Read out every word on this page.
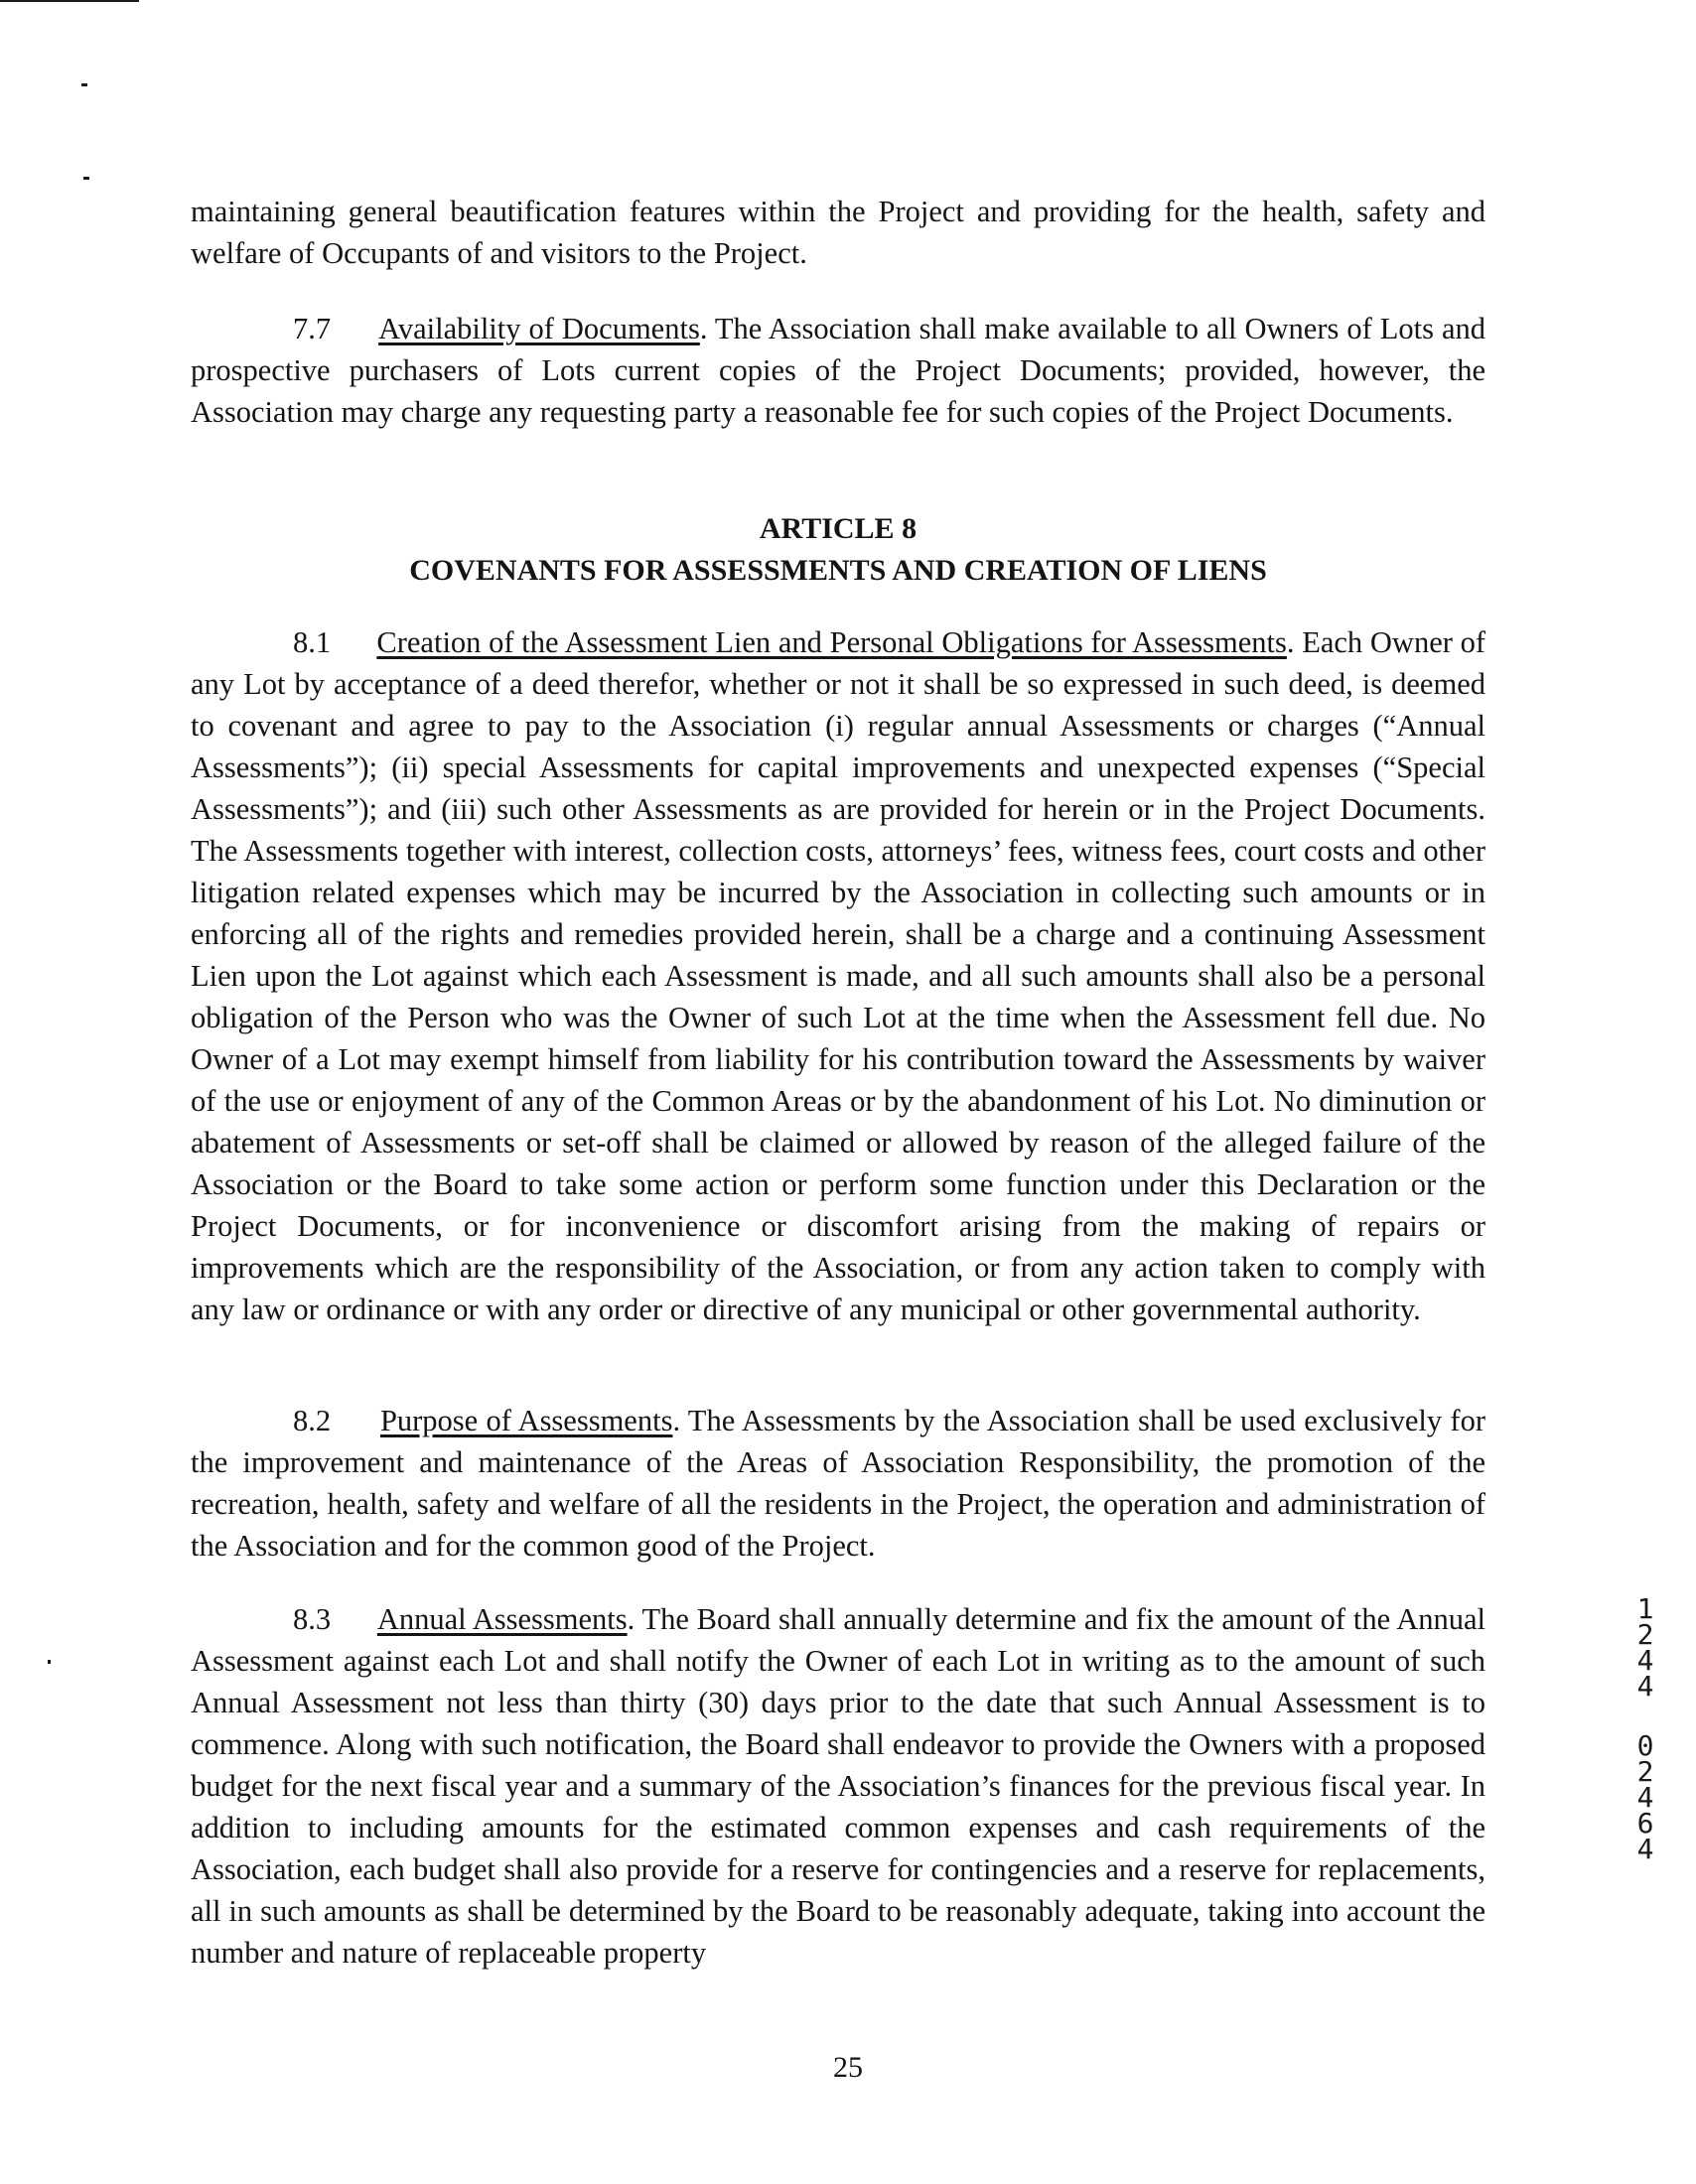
maintaining general beautification features within the Project and providing for the health, safety and welfare of Occupants of and visitors to the Project.
7.7 Availability of Documents. The Association shall make available to all Owners of Lots and prospective purchasers of Lots current copies of the Project Documents; provided, however, the Association may charge any requesting party a reasonable fee for such copies of the Project Documents.
ARTICLE 8
COVENANTS FOR ASSESSMENTS AND CREATION OF LIENS
8.1 Creation of the Assessment Lien and Personal Obligations for Assessments. Each Owner of any Lot by acceptance of a deed therefor, whether or not it shall be so expressed in such deed, is deemed to covenant and agree to pay to the Association (i) regular annual Assessments or charges (“Annual Assessments”); (ii) special Assessments for capital improvements and unexpected expenses (“Special Assessments”); and (iii) such other Assessments as are provided for herein or in the Project Documents. The Assessments together with interest, collection costs, attorneys’ fees, witness fees, court costs and other litigation related expenses which may be incurred by the Association in collecting such amounts or in enforcing all of the rights and remedies provided herein, shall be a charge and a continuing Assessment Lien upon the Lot against which each Assessment is made, and all such amounts shall also be a personal obligation of the Person who was the Owner of such Lot at the time when the Assessment fell due. No Owner of a Lot may exempt himself from liability for his contribution toward the Assessments by waiver of the use or enjoyment of any of the Common Areas or by the abandonment of his Lot. No diminution or abatement of Assessments or set-off shall be claimed or allowed by reason of the alleged failure of the Association or the Board to take some action or perform some function under this Declaration or the Project Documents, or for inconvenience or discomfort arising from the making of repairs or improvements which are the responsibility of the Association, or from any action taken to comply with any law or ordinance or with any order or directive of any municipal or other governmental authority.
8.2 Purpose of Assessments. The Assessments by the Association shall be used exclusively for the improvement and maintenance of the Areas of Association Responsibility, the promotion of the recreation, health, safety and welfare of all the residents in the Project, the operation and administration of the Association and for the common good of the Project.
8.3 Annual Assessments. The Board shall annually determine and fix the amount of the Annual Assessment against each Lot and shall notify the Owner of each Lot in writing as to the amount of such Annual Assessment not less than thirty (30) days prior to the date that such Annual Assessment is to commence. Along with such notification, the Board shall endeavor to provide the Owners with a proposed budget for the next fiscal year and a summary of the Association’s finances for the previous fiscal year. In addition to including amounts for the estimated common expenses and cash requirements of the Association, each budget shall also provide for a reserve for contingencies and a reserve for replacements, all in such amounts as shall be determined by the Board to be reasonably adequate, taking into account the number and nature of replaceable property
1
2
4
4
0
2
4
6
4
25
